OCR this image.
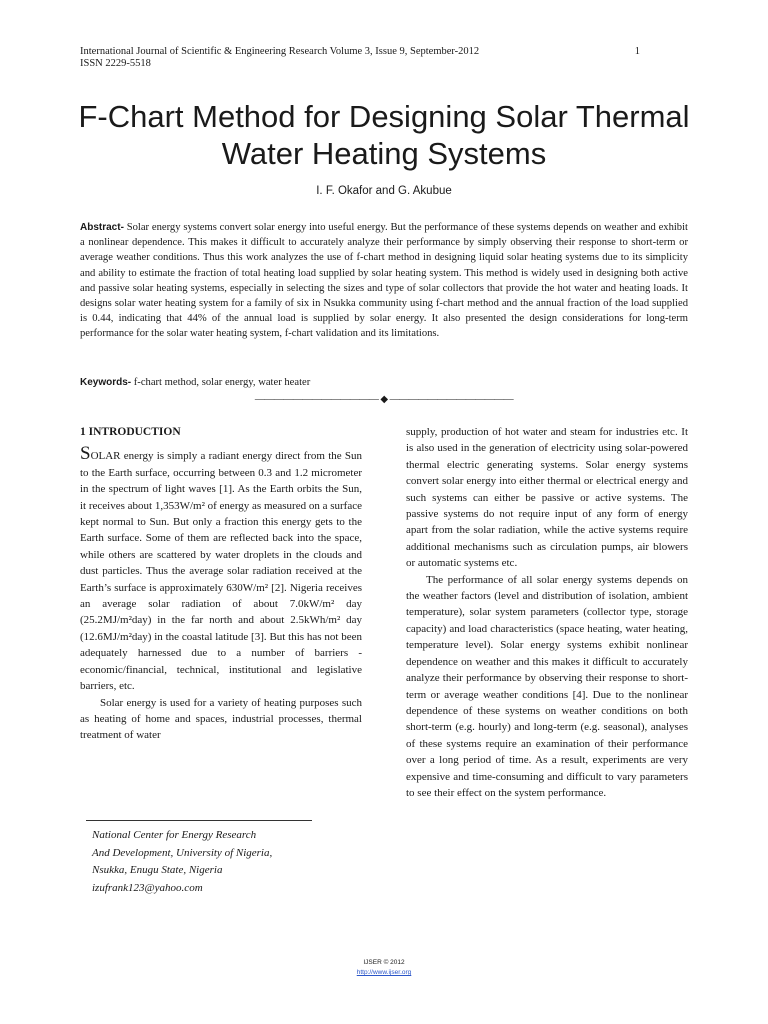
International Journal of Scientific & Engineering Research Volume 3, Issue 9, September-2012
ISSN 2229-5518
1
F-Chart Method for Designing Solar Thermal Water Heating Systems
I. F. Okafor and G. Akubue

Abstract- Solar energy systems convert solar energy into useful energy. But the performance of these systems depends on weather and exhibit a nonlinear dependence. This makes it difficult to accurately analyze their performance by simply observing their response to short-term or average weather conditions. Thus this work analyzes the use of f-chart method in designing liquid solar heating systems due to its simplicity and ability to estimate the fraction of total heating load supplied by solar heating system. This method is widely used in designing both active and passive solar heating systems, especially in selecting the sizes and type of solar collectors that provide the hot water and heating loads. It designs solar water heating system for a family of six in Nsukka community using f-chart method and the annual fraction of the load supplied is 0.44, indicating that 44% of the annual load is supplied by solar energy. It also presented the design considerations for long-term performance for the solar water heating system, f-chart validation and its limitations.

Keywords- f-chart method, solar energy, water heater

————————————— ◆ —————————————

1 INTRODUCTION

SOLAR energy is simply a radiant energy direct from the Sun to the Earth surface, occurring between 0.3 and 1.2 micrometer in the spectrum of light waves [1]. As the Earth orbits the Sun, it receives about 1,353W/m² of energy as measured on a surface kept normal to Sun. But only a fraction this energy gets to the Earth surface. Some of them are reflected back into the space, while others are scattered by water droplets in the clouds and dust particles. Thus the average solar radiation received at the Earth’s surface is approximately 630W/m² [2]. Nigeria receives an average solar radiation of about 7.0kW/m² day (25.2MJ/m²day) in the far north and about 2.5kWh/m² day (12.6MJ/m²day) in the coastal latitude [3]. But this has not been adequately harnessed due to a number of barriers - economic/financial, technical, institutional and legislative barriers, etc.

Solar energy is used for a variety of heating purposes such as heating of home and spaces, industrial processes, thermal treatment of water

National Center for Energy Research
And Development, University of Nigeria,
Nsukka, Enugu State, Nigeria
izufrank123@yahoo.com

supply, production of hot water and steam for industries etc. It is also used in the generation of electricity using solar-powered thermal electric generating systems. Solar energy systems convert solar energy into either thermal or electrical energy and such systems can either be passive or active systems. The passive systems do not require input of any form of energy apart from the solar radiation, while the active systems require additional mechanisms such as circulation pumps, air blowers or automatic systems etc.

The performance of all solar energy systems depends on the weather factors (level and distribution of isolation, ambient temperature), solar system parameters (collector type, storage capacity) and load characteristics (space heating, water heating, temperature level). Solar energy systems exhibit nonlinear dependence on weather and this makes it difficult to accurately analyze their performance by observing their response to short-term or average weather conditions [4]. Due to the nonlinear dependence of these systems on weather conditions on both short-term (e.g. hourly) and long-term (e.g. seasonal), analyses of these systems require an examination of their performance over a long period of time. As a result, experiments are very expensive and time-consuming and difficult to vary parameters to see their effect on the system performance.

IJSER © 2012
http://www.ijser.org
